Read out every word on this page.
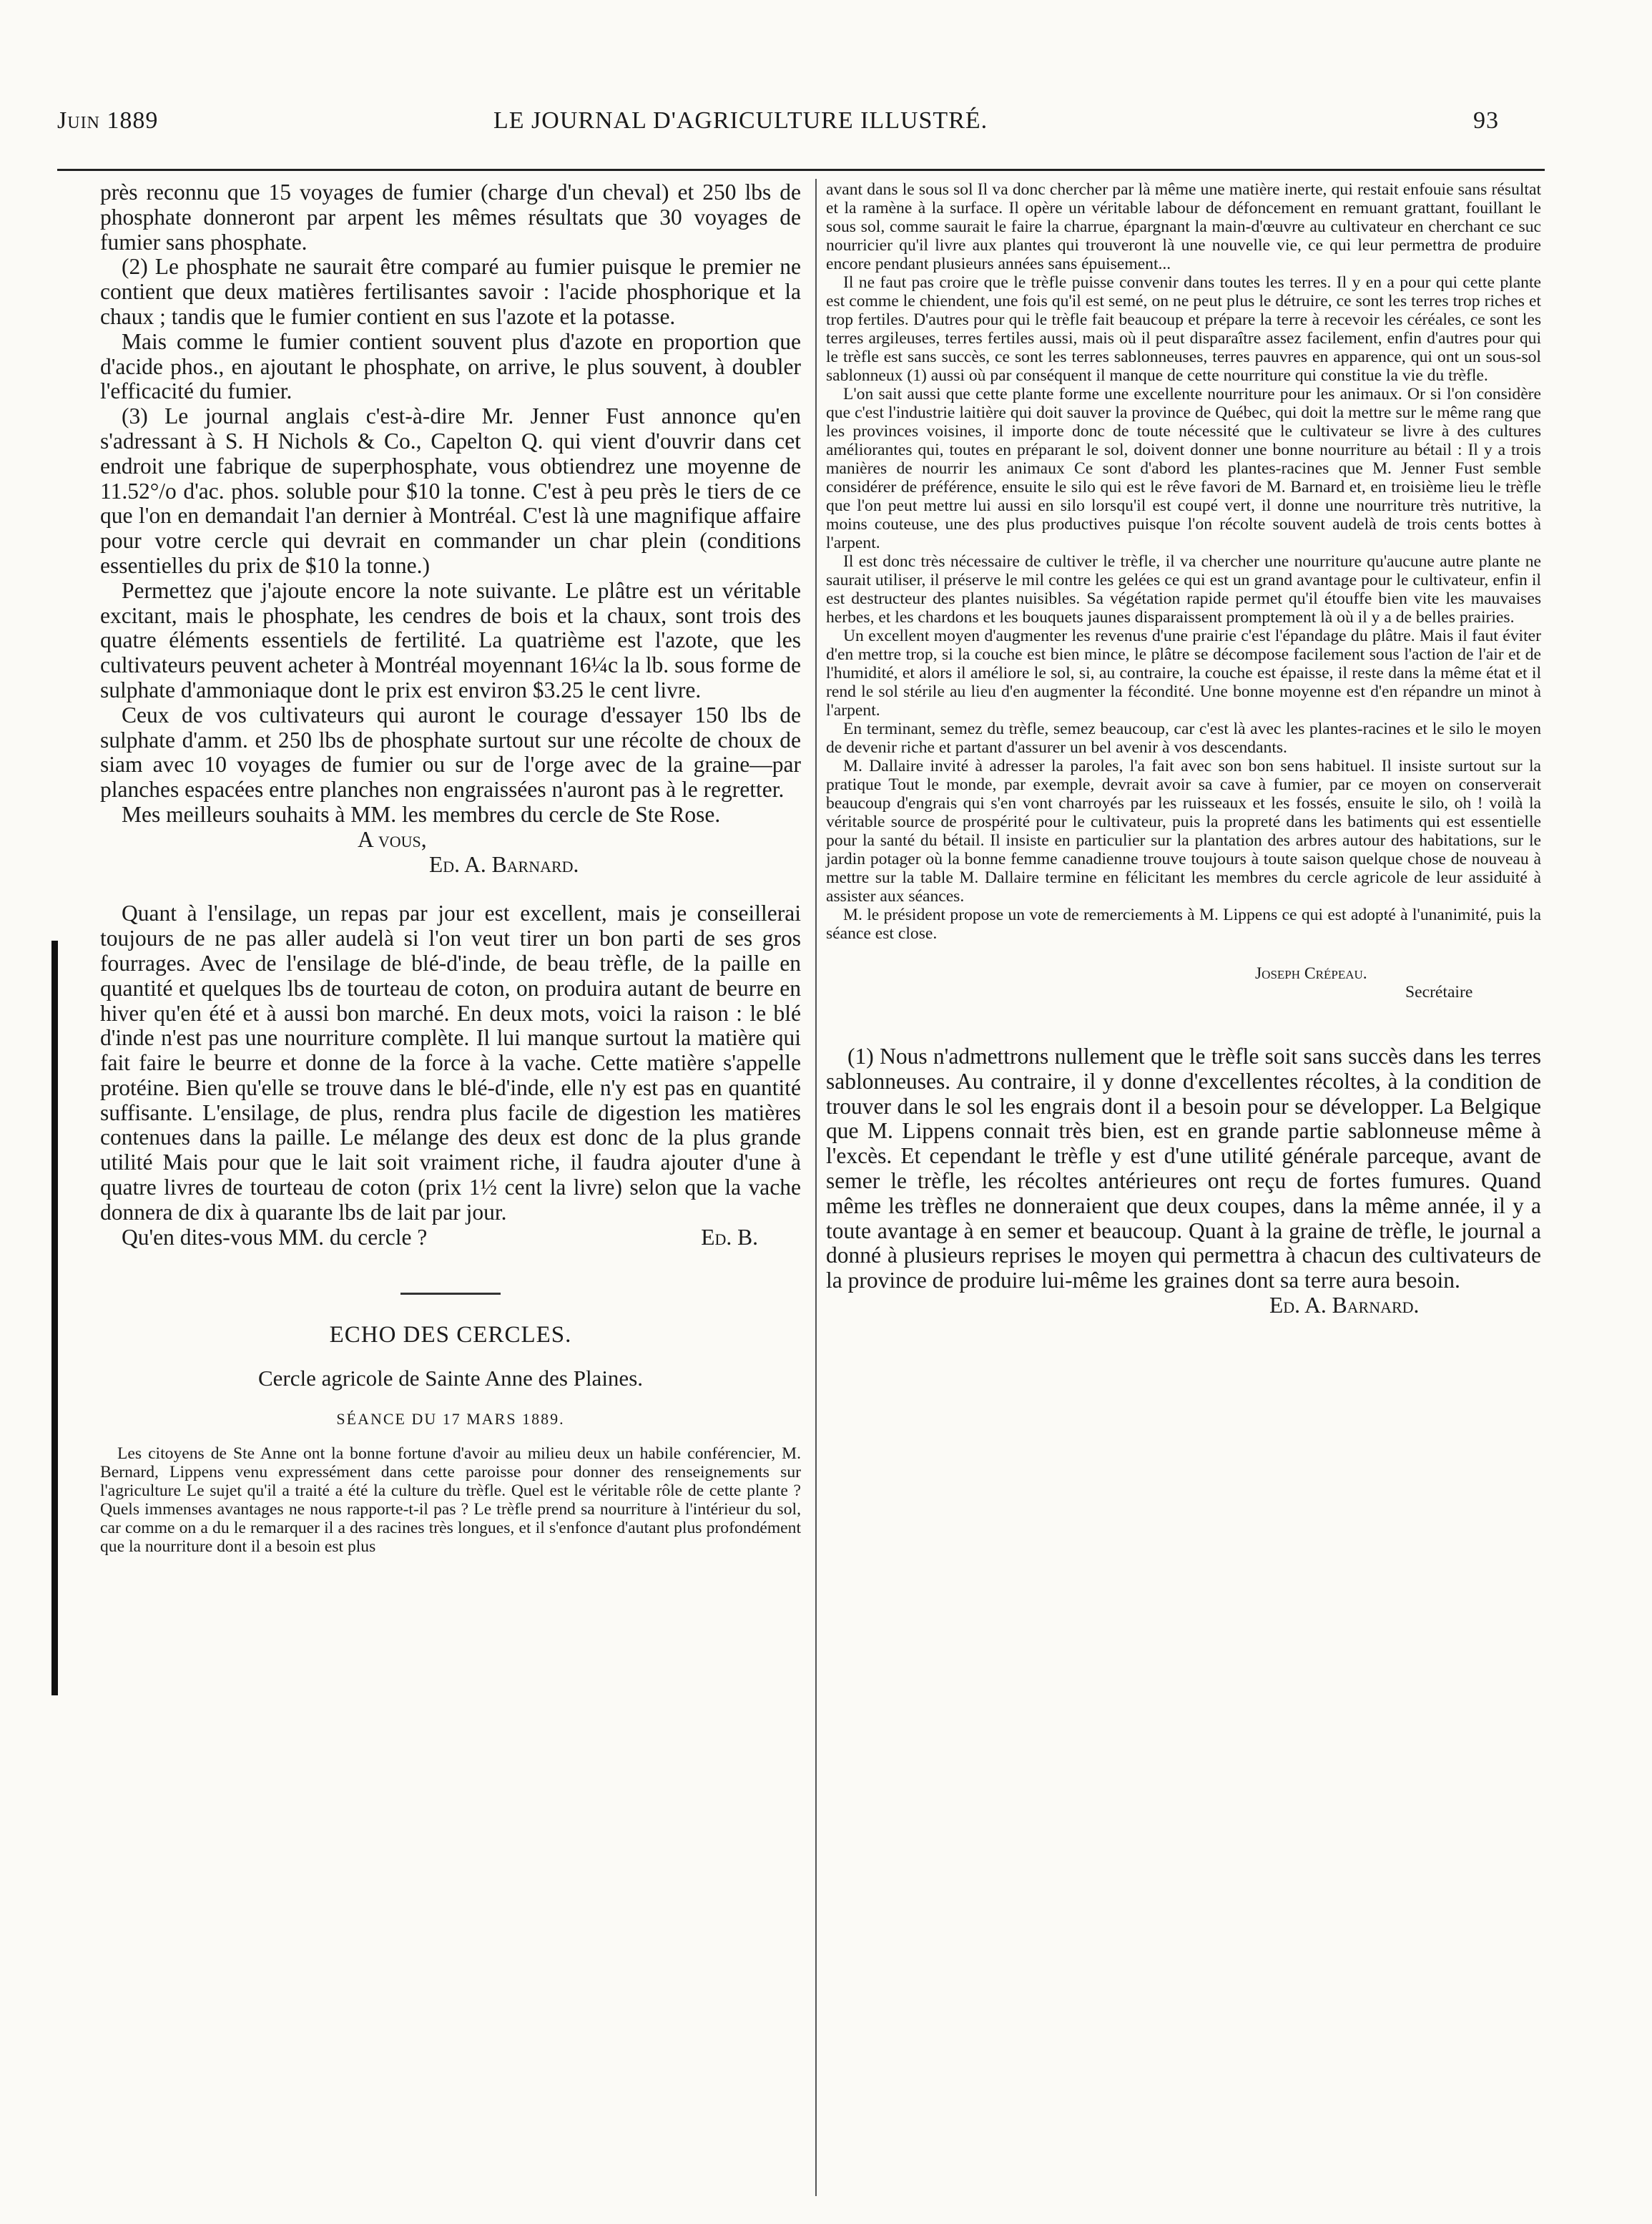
Juin 1889	LE JOURNAL D'AGRICULTURE ILLUSTRÉ.	93

près reconnu que 15 voyages de fumier (charge d'un cheval) et 250 lbs de phosphate donneront par arpent les mêmes résultats que 30 voyages de fumier sans phosphate.

(2) Le phosphate ne saurait être comparé au fumier puisque le premier ne contient que deux matières fertilisantes savoir : l'acide phosphorique et la chaux ; tandis que le fumier contient en sus l'azote et la potasse.

Mais comme le fumier contient souvent plus d'azote en proportion que d'acide phos., en ajoutant le phosphate, on arrive, le plus souvent, à doubler l'efficacité du fumier.

(3) Le journal anglais c'est-à-dire Mr. Jenner Fust annonce qu'en s'adressant à S. H Nichols & Co., Capelton Q. qui vient d'ouvrir dans cet endroit une fabrique de superphosphate, vous obtiendrez une moyenne de 11.52°/o d'ac. phos. soluble pour $10 la tonne. C'est à peu près le tiers de ce que l'on en demandait l'an dernier à Montréal. C'est là une magnifique affaire pour votre cercle qui devrait en commander un char plein (conditions essentielles du prix de $10 la tonne.)

Permettez que j'ajoute encore la note suivante. Le plâtre est un véritable excitant, mais le phosphate, les cendres de bois et la chaux, sont trois des quatre éléments essentiels de fertilité. La quatrième est l'azote, que les cultivateurs peuvent acheter à Montréal moyennant 16¼c la lb. sous forme de sulphate d'ammoniaque dont le prix est environ $3.25 le cent livre.

Ceux de vos cultivateurs qui auront le courage d'essayer 150 lbs de sulphate d'amm. et 250 lbs de phosphate surtout sur une récolte de choux de siam avec 10 voyages de fumier ou sur de l'orge avec de la graine—par planches espacées entre planches non engraissées n'auront pas à le regretter.

Mes meilleurs souhaits à MM. les membres du cercle de Ste Rose.

A vous,
Ed. A. Barnard.

Quant à l'ensilage, un repas par jour est excellent, mais je conseillerai toujours de ne pas aller audelà si l'on veut tirer un bon parti de ses gros fourrages. Avec de l'ensilage de blé-d'inde, de beau trèfle, de la paille en quantité et quelques lbs de tourteau de coton, on produira autant de beurre en hiver qu'en été et à aussi bon marché. En deux mots, voici la raison : le blé d'inde n'est pas une nourriture complète. Il lui manque surtout la matière qui fait faire le beurre et donne de la force à la vache. Cette matière s'appelle protéine. Bien qu'elle se trouve dans le blé-d'inde, elle n'y est pas en quantité suffisante. L'ensilage, de plus, rendra plus facile de digestion les matières contenues dans la paille. Le mélange des deux est donc de la plus grande utilité Mais pour que le lait soit vraiment riche, il faudra ajouter d'une à quatre livres de tourteau de coton (prix 1½ cent la livre) selon que la vache donnera de dix à quarante lbs de lait par jour.

Qu'en dites-vous MM. du cercle ?	Ed. B.
ECHO DES CERCLES.
Cercle agricole de Sainte Anne des Plaines.
SÉANCE DU 17 MARS 1889.

Les citoyens de Ste Anne ont la bonne fortune d'avoir au milieu deux un habile conférencier, M. Bernard, Lippens venu expressément dans cette paroisse pour donner des renseignements sur l'agriculture Le sujet qu'il a traité a été la culture du trèfle. Quel est le véritable rôle de cette plante ? Quels immenses avantages ne nous rapporte-t-il pas ? Le trèfle prend sa nourriture à l'intérieur du sol, car comme on a du le remarquer il a des racines très longues, et il s'enfonce d'autant plus profondément que la nourriture dont il a besoin est plus

avant dans le sous sol Il va donc chercher par là même une matière inerte, qui restait enfouie sans résultat et la ramène à la surface. Il opère un véritable labour de défoncement en remuant grattant, fouillant le sous sol, comme saurait le faire la charrue, épargnant la main-d'œuvre au cultivateur en cherchant ce suc nourricier qu'il livre aux plantes qui trouveront là une nouvelle vie, ce qui leur permettra de produire encore pendant plusieurs années sans épuisement...

Il ne faut pas croire que le trèfle puisse convenir dans toutes les terres. Il y en a pour qui cette plante est comme le chiendent, une fois qu'il est semé, on ne peut plus le détruire, ce sont les terres trop riches et trop fertiles. D'autres pour qui le trèfle fait beaucoup et prépare la terre à recevoir les céréales, ce sont les terres argileuses, terres fertiles aussi, mais où il peut disparaître assez facilement, enfin d'autres pour qui le trèfle est sans succès, ce sont les terres sablonneuses, terres pauvres en apparence, qui ont un sous-sol sablonneux (1) aussi où par conséquent il manque de cette nourriture qui constitue la vie du trèfle.

L'on sait aussi que cette plante forme une excellente nourriture pour les animaux. Or si l'on considère que c'est l'industrie laitière qui doit sauver la province de Québec, qui doit la mettre sur le même rang que les provinces voisines, il importe donc de toute nécessité que le cultivateur se livre à des cultures améliorantes qui, toutes en préparant le sol, doivent donner une bonne nourriture au bétail : Il y a trois manières de nourrir les animaux Ce sont d'abord les plantes-racines que M. Jenner Fust semble considérer de préférence, ensuite le silo qui est le rêve favori de M. Barnard et, en troisième lieu le trèfle que l'on peut mettre lui aussi en silo lorsqu'il est coupé vert, il donne une nourriture très nutritive, la moins couteuse, une des plus productives puisque l'on récolte souvent audelà de trois cents bottes à l'arpent.

Il est donc très nécessaire de cultiver le trèfle, il va chercher une nourriture qu'aucune autre plante ne saurait utiliser, il préserve le mil contre les gelées ce qui est un grand avantage pour le cultivateur, enfin il est destructeur des plantes nuisibles. Sa végétation rapide permet qu'il étouffe bien vite les mauvaises herbes, et les chardons et les bouquets jaunes disparaissent promptement là où il y a de belles prairies.

Un excellent moyen d'augmenter les revenus d'une prairie c'est l'épandage du plâtre. Mais il faut éviter d'en mettre trop, si la couche est bien mince, le plâtre se décompose facilement sous l'action de l'air et de l'humidité, et alors il améliore le sol, si, au contraire, la couche est épaisse, il reste dans la même état et il rend le sol stérile au lieu d'en augmenter la fécondité. Une bonne moyenne est d'en répandre un minot à l'arpent.

En terminant, semez du trèfle, semez beaucoup, car c'est là avec les plantes-racines et le silo le moyen de devenir riche et partant d'assurer un bel avenir à vos descendants.

M. Dallaire invité à adresser la paroles, l'a fait avec son bon sens habituel. Il insiste surtout sur la pratique Tout le monde, par exemple, devrait avoir sa cave à fumier, par ce moyen on conserverait beaucoup d'engrais qui s'en vont charroyés par les ruisseaux et les fossés, ensuite le silo, oh ! voilà la véritable source de prospérité pour le cultivateur, puis la propreté dans les batiments qui est essentielle pour la santé du bétail. Il insiste en particulier sur la plantation des arbres autour des habitations, sur le jardin potager où la bonne femme canadienne trouve toujours à toute saison quelque chose de nouveau à mettre sur la table M. Dallaire termine en félicitant les membres du cercle agricole de leur assiduité à assister aux séances.

M. le président propose un vote de remerciements à M. Lippens ce qui est adopté à l'unanimité, puis la séance est close.

Joseph Crépeau.
Secrétaire

(1) Nous n'admettrons nullement que le trèfle soit sans succès dans les terres sablonneuses. Au contraire, il y donne d'excellentes récoltes, à la condition de trouver dans le sol les engrais dont il a besoin pour se développer. La Belgique que M. Lippens connait très bien, est en grande partie sablonneuse même à l'excès. Et cependant le trèfle y est d'une utilité générale parceque, avant de semer le trèfle, les récoltes antérieures ont reçu de fortes fumures. Quand même les trèfles ne donneraient que deux coupes, dans la même année, il y a toute avantage à en semer et beaucoup. Quant à la graine de trèfle, le journal a donné à plusieurs reprises le moyen qui permettra à chacun des cultivateurs de la province de produire lui-même les graines dont sa terre aura besoin.

Ed. A. Barnard.
